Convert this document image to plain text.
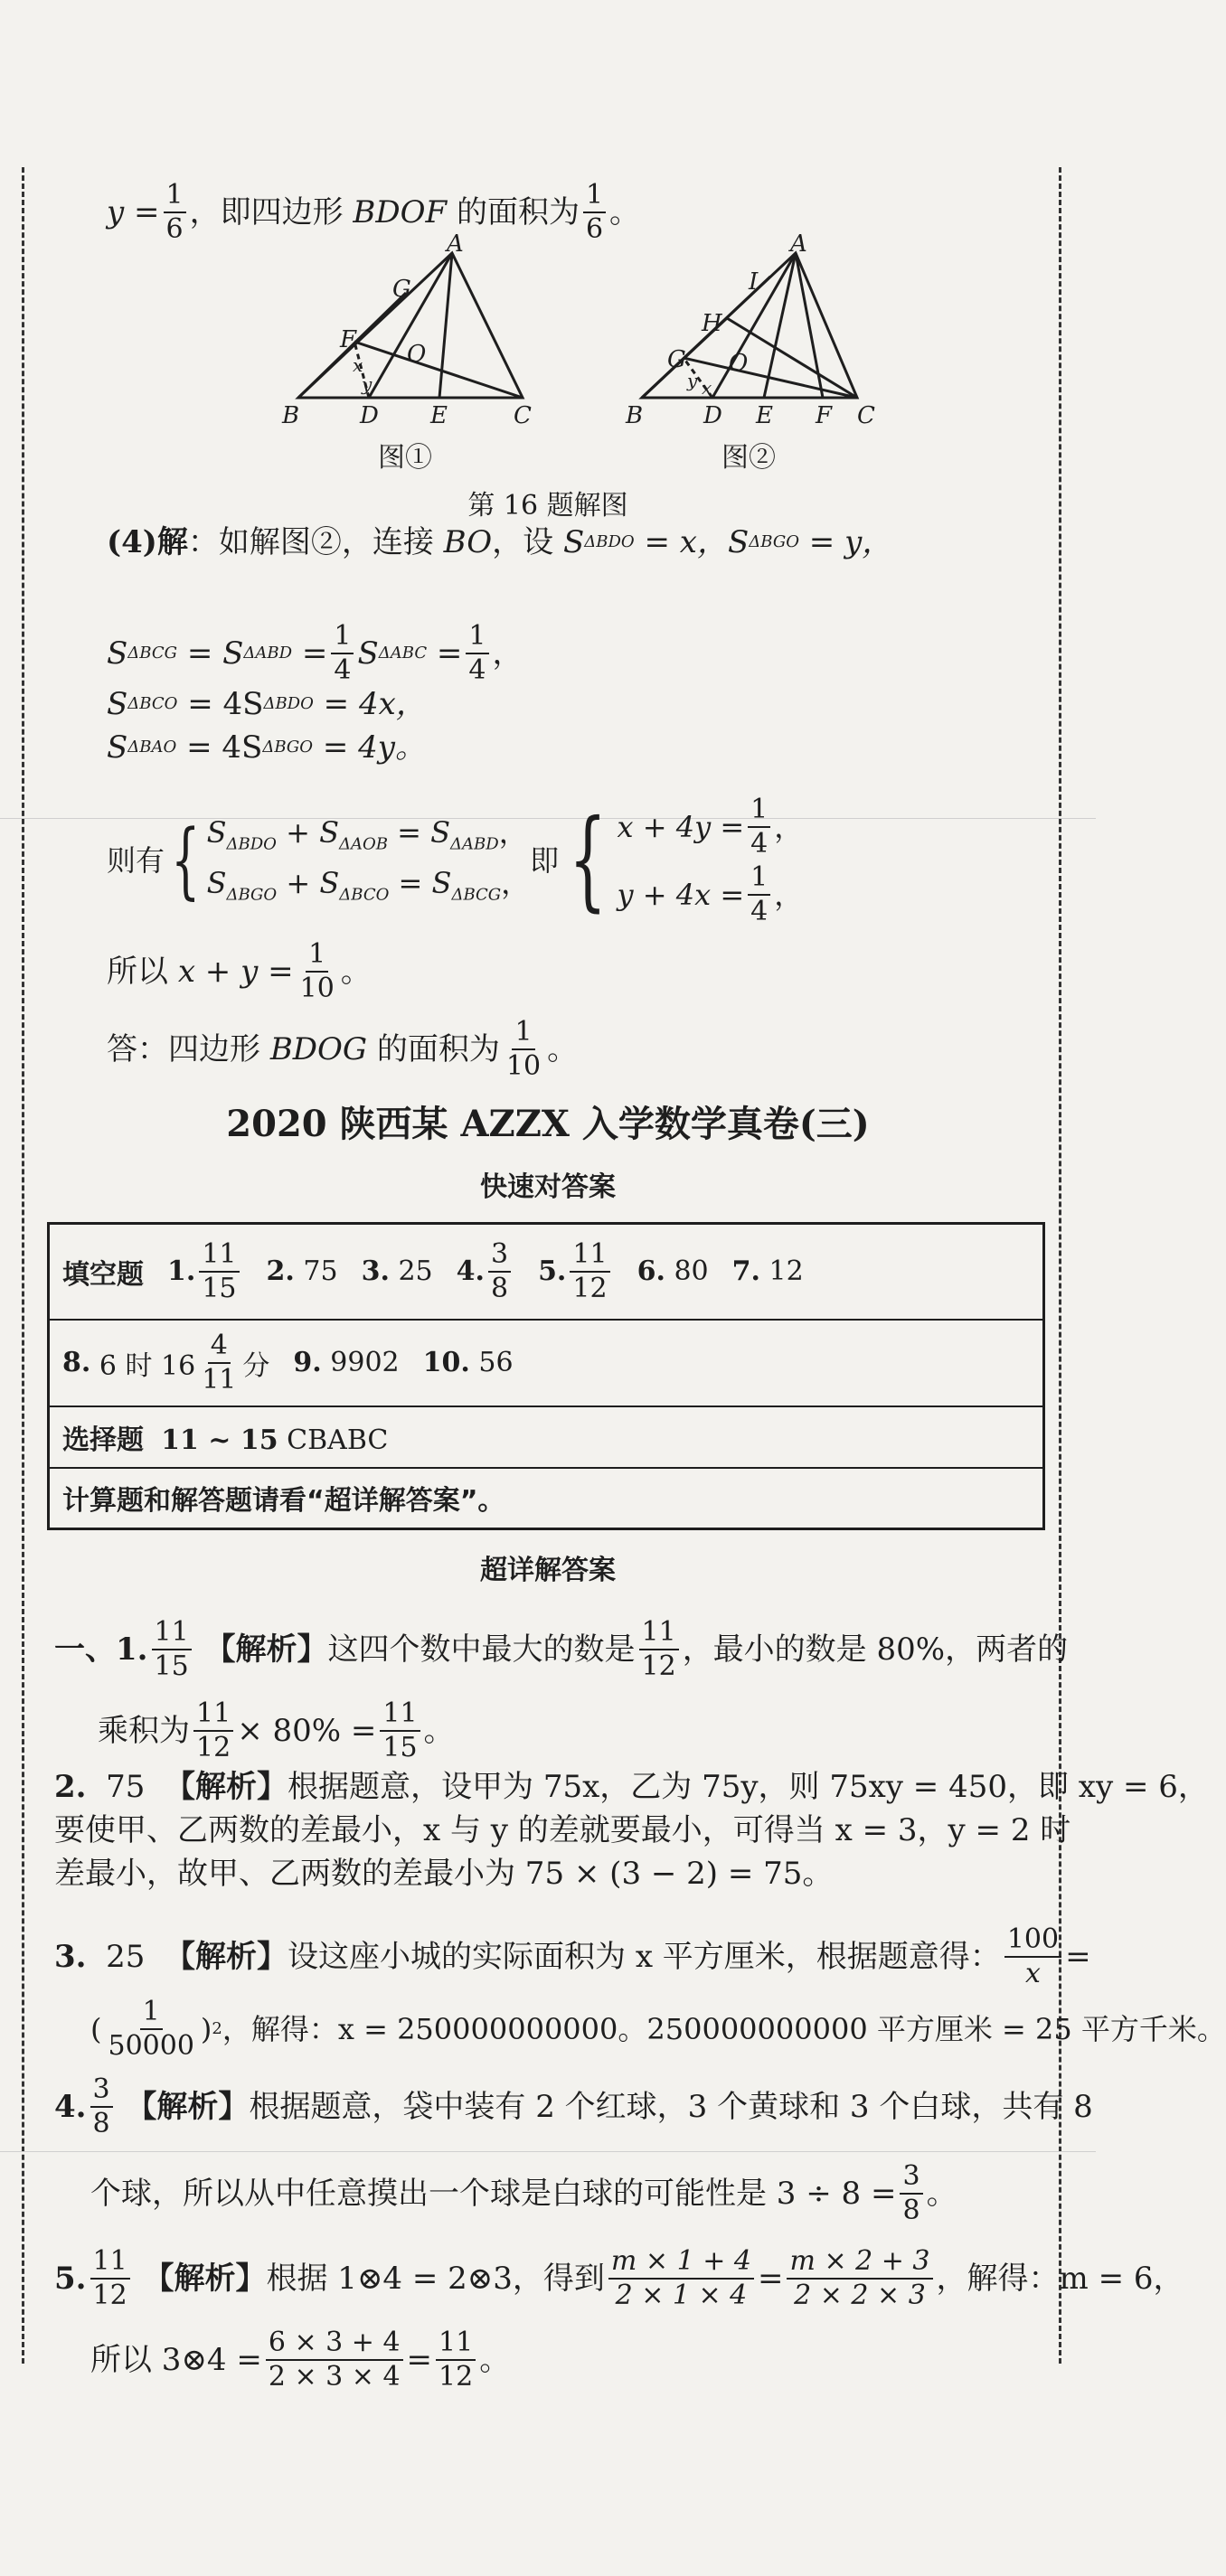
$y = \frac{1}{6}$ ，即四边形
BDOF
的面积为 $\frac{1}{6}$ 。
A
G
F
O
B	D E	C
x
y
图①
A
I
H
G O
B	D E F C
y x
图②
第 16 题解图
(4)解 ：如解图②，连接
BO ，设
S ΔBDO
= x， S ΔBGO
= y，
S ΔBCG = S $\Delta ABD = \frac{1}{4}$ S $\Delta ABC = \frac{1}{4}$ ，
S ΔBCO
= 4S ΔBDO
= 4x，
S ΔBAO
= 4S ΔBGO
= 4y。
则有 { $S_{\Delta BDO} + S_{\Delta AOB} = S_{\Delta ABD}$，
$S_{\Delta BGO} + S_{\Delta BCO} = S_{\Delta BCG}$，
即 { $x + 4y = \frac{1}{4}$ ，
$y + 4x = \frac{1}{4}$ ，
所以
$x + y = \frac{1}{10}$ 。
答：四边形
BDOG
的面积为 $\frac{1}{10}$ 。
2020 陕西某 AZZX 入学数学真卷(三)
快速对答案
填空题 1. $\frac{11}{15} 2$. 75 3. 25 4. $\frac{3}{8} 5$. $\frac{11}{12} 6$. 80 7. 12

8.
6 时 $16 \frac{4}{11}$ 分 9. 9902 10. 56

选择题 11 ~ 15 CBABC
计算题和解答题请看“超详解答案”。
超详解答案
一、1. $\frac{11}{15}$
【解析】 这四个数中最大的数是 $\frac{11}{12}$ ，最小的数是 80%，两者的
乘积为 $\frac{11}{12} \times 80\% = \frac{11}{15}$ 。
2.
75
【解析】 根据题意，设甲为 75x，乙为 75y，则 75xy = 450，即 xy = 6，
要使甲、乙两数的差最小，x 与 y 的差就要最小，可得当 x = 3，y = 2 时
差最小，故甲、乙两数的差最小为 75 × (3 − 2) = 75。
3.
25
【解析】 设这座小城的实际面积为 x 平方厘米，根据题意得： $\frac{100}{x}$ =
( $\frac{1}{50000}$ ) 2 ，解得：x = 250000000000。250000000000 平方厘米 = 25 平方千米。
4. $\frac{3}{8}$
【解析】 根据题意，袋中装有 2 个红球，3 个黄球和 3 个白球，共有 8
个球，所以从中任意摸出一个球是白球的可能性是 $3 \div 8 = \frac{3}{8}$ 。
5. $\frac{11}{12}$
【解析】 根据 1⊗4 = 2⊗3，得到 $\frac{m \times 1 + 4}{2 \times 1 \times 4} = \frac{m \times 2 + 3}{2 \times 2 \times 3}$ ，解得：m = 6，
所以 3⊗4 = $\frac{6 \times 3 + 4}{2 \times 3 \times 4} = \frac{11}{12}$ 。
